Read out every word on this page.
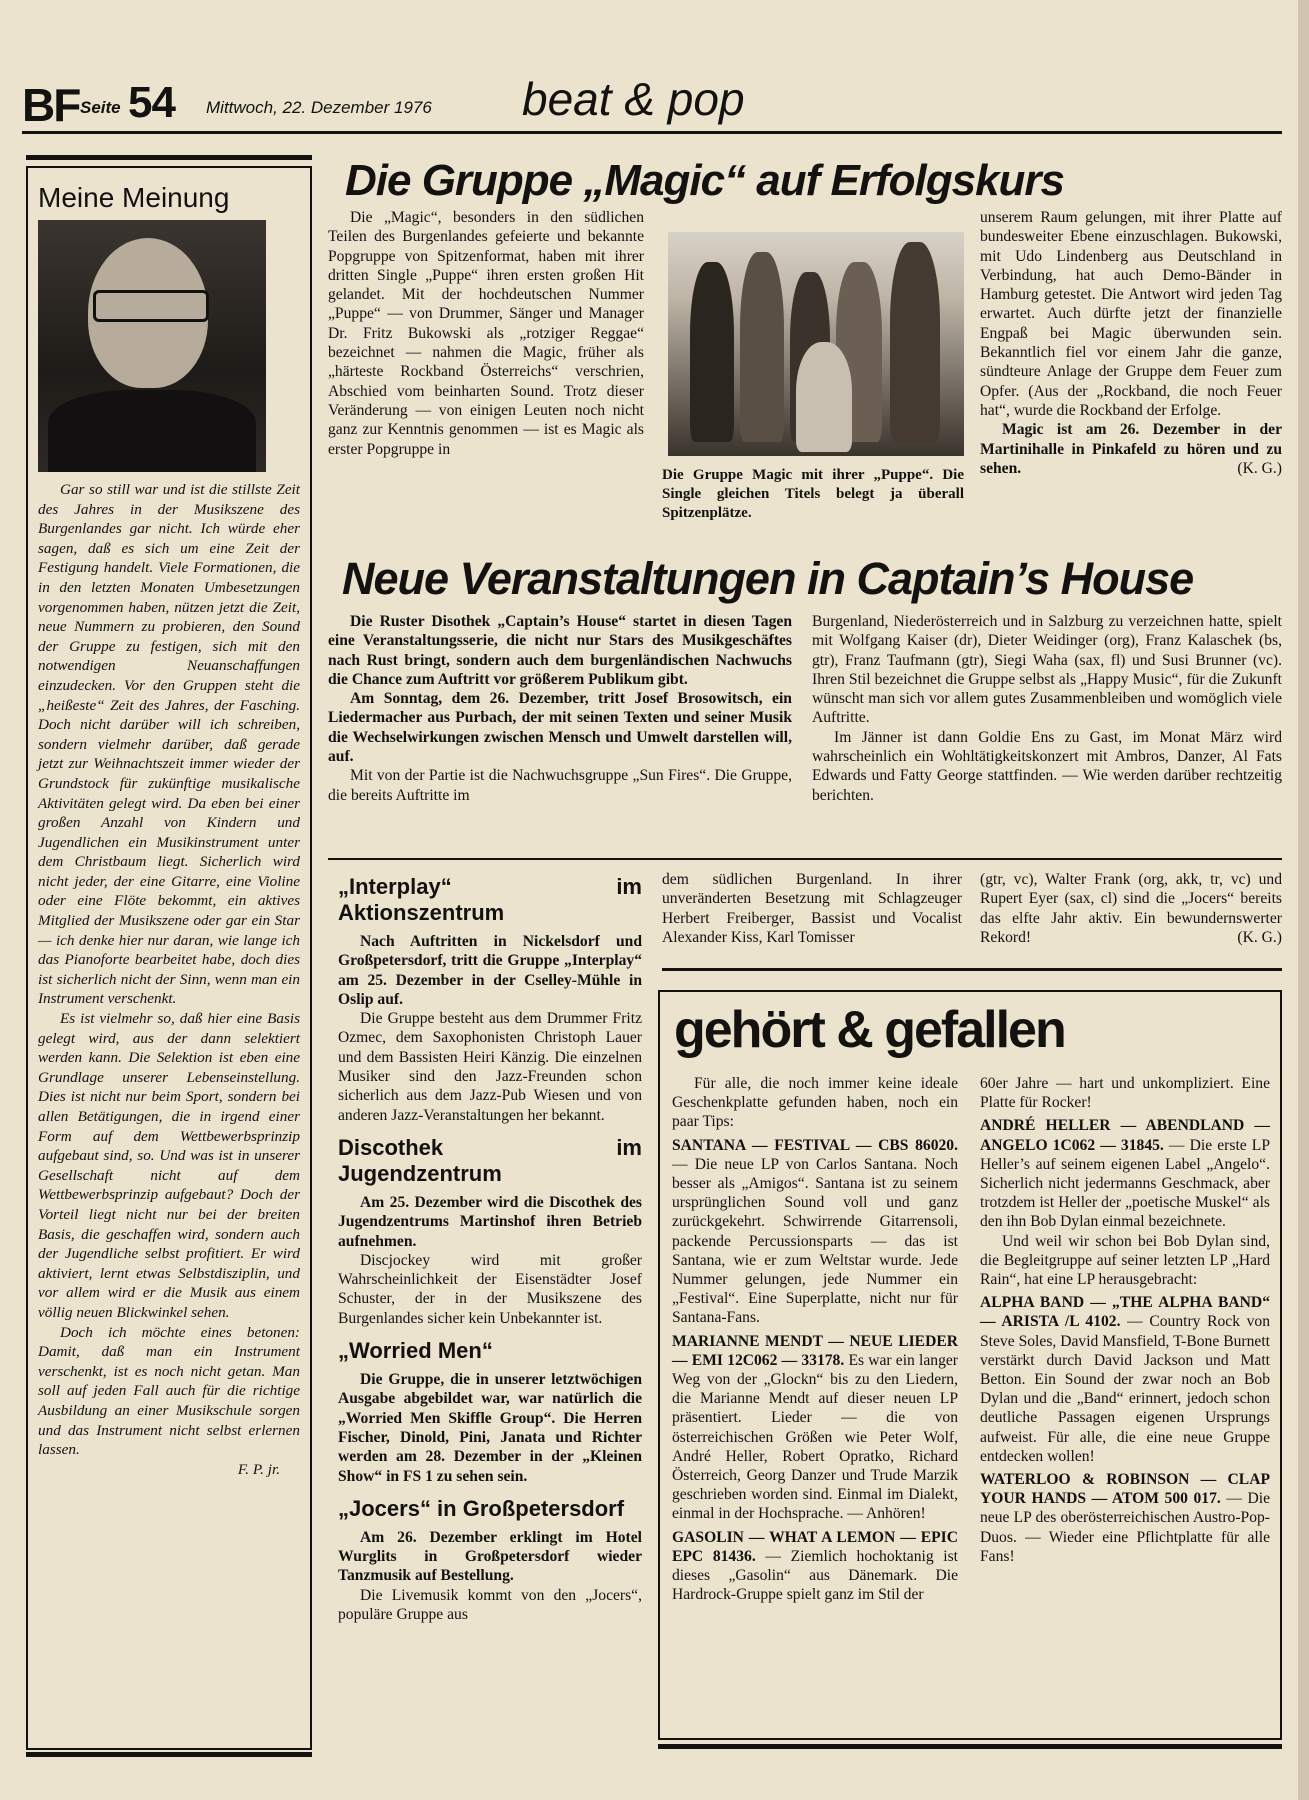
BF Seite 54 Mittwoch, 22. Dezember 1976 beat & pop
Meine Meinung

Gar so still war und ist die stillste Zeit des Jahres in der Musikszene des Burgenlandes gar nicht. Ich würde eher sagen, daß es sich um eine Zeit der Festigung handelt. Viele Formationen, die in den letzten Monaten Umbesetzungen vorgenommen haben, nützen jetzt die Zeit, neue Nummern zu probieren, den Sound der Gruppe zu festigen, sich mit den notwendigen Neuanschaffungen einzudecken. Vor den Gruppen steht die „heißeste“ Zeit des Jahres, der Fasching. Doch nicht darüber will ich schreiben, sondern vielmehr darüber, daß gerade jetzt zur Weihnachtszeit immer wieder der Grundstock für zukünftige musikalische Aktivitäten gelegt wird. Da eben bei einer großen Anzahl von Kindern und Jugendlichen ein Musikinstrument unter dem Christbaum liegt. Sicherlich wird nicht jeder, der eine Gitarre, eine Violine oder eine Flöte bekommt, ein aktives Mitglied der Musikszene oder gar ein Star — ich denke hier nur daran, wie lange ich das Pianoforte bearbeitet habe, doch dies ist sicherlich nicht der Sinn, wenn man ein Instrument verschenkt.

Es ist vielmehr so, daß hier eine Basis gelegt wird, aus der dann selektiert werden kann. Die Selektion ist eben eine Grundlage unserer Lebenseinstellung. Dies ist nicht nur beim Sport, sondern bei allen Betätigungen, die in irgend einer Form auf dem Wettbewerbsprinzip aufgebaut sind, so. Und was ist in unserer Gesellschaft nicht auf dem Wettbewerbsprinzip aufgebaut? Doch der Vorteil liegt nicht nur bei der breiten Basis, die geschaffen wird, sondern auch der Jugendliche selbst profitiert. Er wird aktiviert, lernt etwas Selbstdisziplin, und vor allem wird er die Musik aus einem völlig neuen Blickwinkel sehen.

Doch ich möchte eines betonen: Damit, daß man ein Instrument verschenkt, ist es noch nicht getan. Man soll auf jeden Fall auch für die richtige Ausbildung an einer Musikschule sorgen und das Instrument nicht selbst erlernen lassen.

F. P. jr.

Die Gruppe „Magic“ auf Erfolgskurs

Die „Magic“, besonders in den südlichen Teilen des Burgenlandes gefeierte und bekannte Popgruppe von Spitzenformat, haben mit ihrer dritten Single „Puppe“ ihren ersten großen Hit gelandet. Mit der hochdeutschen Nummer „Puppe“ — von Drummer, Sänger und Manager Dr. Fritz Bukowski als „rotziger Reggae“ bezeichnet — nahmen die Magic, früher als „härteste Rockband Österreichs“ verschrien, Abschied vom beinharten Sound. Trotz dieser Veränderung — von einigen Leuten noch nicht ganz zur Kenntnis genommen — ist es Magic als erster Popgruppe in

Die Gruppe Magic mit ihrer „Puppe“. Die Single gleichen Titels belegt ja überall Spitzenplätze.

unserem Raum gelungen, mit ihrer Platte auf bundesweiter Ebene einzuschlagen. Bukowski, mit Udo Lindenberg aus Deutschland in Verbindung, hat auch Demo-Bänder in Hamburg getestet. Die Antwort wird jeden Tag erwartet. Auch dürfte jetzt der finanzielle Engpaß bei Magic überwunden sein. Bekanntlich fiel vor einem Jahr die ganze, sündteure Anlage der Gruppe dem Feuer zum Opfer. (Aus der „Rockband, die noch Feuer hat“, wurde die Rockband der Erfolge.

Magic ist am 26. Dezember in der Martinihalle in Pinkafeld zu hören und zu sehen.	(K. G.)

Neue Veranstaltungen in Captain’s House

Die Ruster Disothek „Captain’s House“ startet in diesen Tagen eine Veranstaltungsserie, die nicht nur Stars des Musikgeschäftes nach Rust bringt, sondern auch dem burgenländischen Nachwuchs die Chance zum Auftritt vor größerem Publikum gibt.

Am Sonntag, dem 26. Dezember, tritt Josef Brosowitsch, ein Liedermacher aus Purbach, der mit seinen Texten und seiner Musik die Wechselwirkungen zwischen Mensch und Umwelt darstellen will, auf.

Mit von der Partie ist die Nachwuchsgruppe „Sun Fires“. Die Gruppe, die bereits Auftritte im

Burgenland, Niederösterreich und in Salzburg zu verzeichnen hatte, spielt mit Wolfgang Kaiser (dr), Dieter Weidinger (org), Franz Kalaschek (bs, gtr), Franz Taufmann (gtr), Siegi Waha (sax, fl) und Susi Brunner (vc). Ihren Stil bezeichnet die Gruppe selbst als „Happy Music“, für die Zukunft wünscht man sich vor allem gutes Zusammenbleiben und womöglich viele Auftritte.

Im Jänner ist dann Goldie Ens zu Gast, im Monat März wird wahrscheinlich ein Wohltätigkeitskonzert mit Ambros, Danzer, Al Fats Edwards und Fatty George stattfinden. — Wie werden darüber rechtzeitig berichten.

„Interplay“ im Aktionszentrum

Nach Auftritten in Nickelsdorf und Großpetersdorf, tritt die Gruppe „Interplay“ am 25. Dezember in der Cselley-Mühle in Oslip auf.

Die Gruppe besteht aus dem Drummer Fritz Ozmec, dem Saxophonisten Christoph Lauer und dem Bassisten Heiri Känzig. Die einzelnen Musiker sind den Jazz-Freunden schon sicherlich aus dem Jazz-Pub Wiesen und von anderen Jazz-Veranstaltungen her bekannt.

Discothek im Jugendzentrum

Am 25. Dezember wird die Discothek des Jugendzentrums Martinshof ihren Betrieb aufnehmen.

Discjockey wird mit großer Wahrscheinlichkeit der Eisenstädter Josef Schuster, der in der Musikszene des Burgenlandes sicher kein Unbekannter ist.

„Worried Men“

Die Gruppe, die in unserer letztwöchigen Ausgabe abgebildet war, war natürlich die „Worried Men Skiffle Group“. Die Herren Fischer, Dinold, Pini, Janata und Richter werden am 28. Dezember in der „Kleinen Show“ in FS 1 zu sehen sein.

„Jocers“ in Großpetersdorf

Am 26. Dezember erklingt im Hotel Wurglits in Großpetersdorf wieder Tanzmusik auf Bestellung.

Die Livemusik kommt von den „Jocers“, populäre Gruppe aus

dem südlichen Burgenland. In ihrer unveränderten Besetzung mit Schlagzeuger Herbert Freiberger, Bassist und Vocalist Alexander Kiss, Karl Tomisser

(gtr, vc), Walter Frank (org, akk, tr, vc) und Rupert Eyer (sax, cl) sind die „Jocers“ bereits das elfte Jahr aktiv. Ein bewundernswerter Rekord!	(K. G.)

gehört & gefallen

Für alle, die noch immer keine ideale Geschenkplatte gefunden haben, noch ein paar Tips:

SANTANA — FESTIVAL — CBS 86020. — Die neue LP von Carlos Santana. Noch besser als „Amigos“. Santana ist zu seinem ursprünglichen Sound voll und ganz zurückgekehrt. Schwirrende Gitarrensoli, packende Percussionsparts — das ist Santana, wie er zum Weltstar wurde. Jede Nummer gelungen, jede Nummer ein „Festival“. Eine Superplatte, nicht nur für Santana-Fans.

MARIANNE MENDT — NEUE LIEDER — EMI 12C062 — 33178. Es war ein langer Weg von der „Glockn“ bis zu den Liedern, die Marianne Mendt auf dieser neuen LP präsentiert. Lieder — die von österreichischen Größen wie Peter Wolf, André Heller, Robert Opratko, Richard Österreich, Georg Danzer und Trude Marzik geschrieben worden sind. Einmal im Dialekt, einmal in der Hochsprache. — Anhören!

GASOLIN — WHAT A LEMON — EPIC EPC 81436. — Ziemlich hochoktanig ist dieses „Gasolin“ aus Dänemark. Die Hardrock-Gruppe spielt ganz im Stil der

60er Jahre — hart und unkompliziert. Eine Platte für Rocker!

ANDRÉ HELLER — ABENDLAND — ANGELO 1C062 — 31845. — Die erste LP Heller’s auf seinem eigenen Label „Angelo“. Sicherlich nicht jedermanns Geschmack, aber trotzdem ist Heller der „poetische Muskel“ als den ihn Bob Dylan einmal bezeichnete.

Und weil wir schon bei Bob Dylan sind, die Begleitgruppe auf seiner letzten LP „Hard Rain“, hat eine LP herausgebracht:

ALPHA BAND — „THE ALPHA BAND“ — ARISTA /L 4102. — Country Rock von Steve Soles, David Mansfield, T-Bone Burnett verstärkt durch David Jackson und Matt Betton. Ein Sound der zwar noch an Bob Dylan und die „Band“ erinnert, jedoch schon deutliche Passagen eigenen Ursprungs aufweist. Für alle, die eine neue Gruppe entdecken wollen!

WATERLOO & ROBINSON — CLAP YOUR HANDS — ATOM 500 017. — Die neue LP des oberösterreichischen Austro-Pop-Duos. — Wieder eine Pflichtplatte für alle Fans!
